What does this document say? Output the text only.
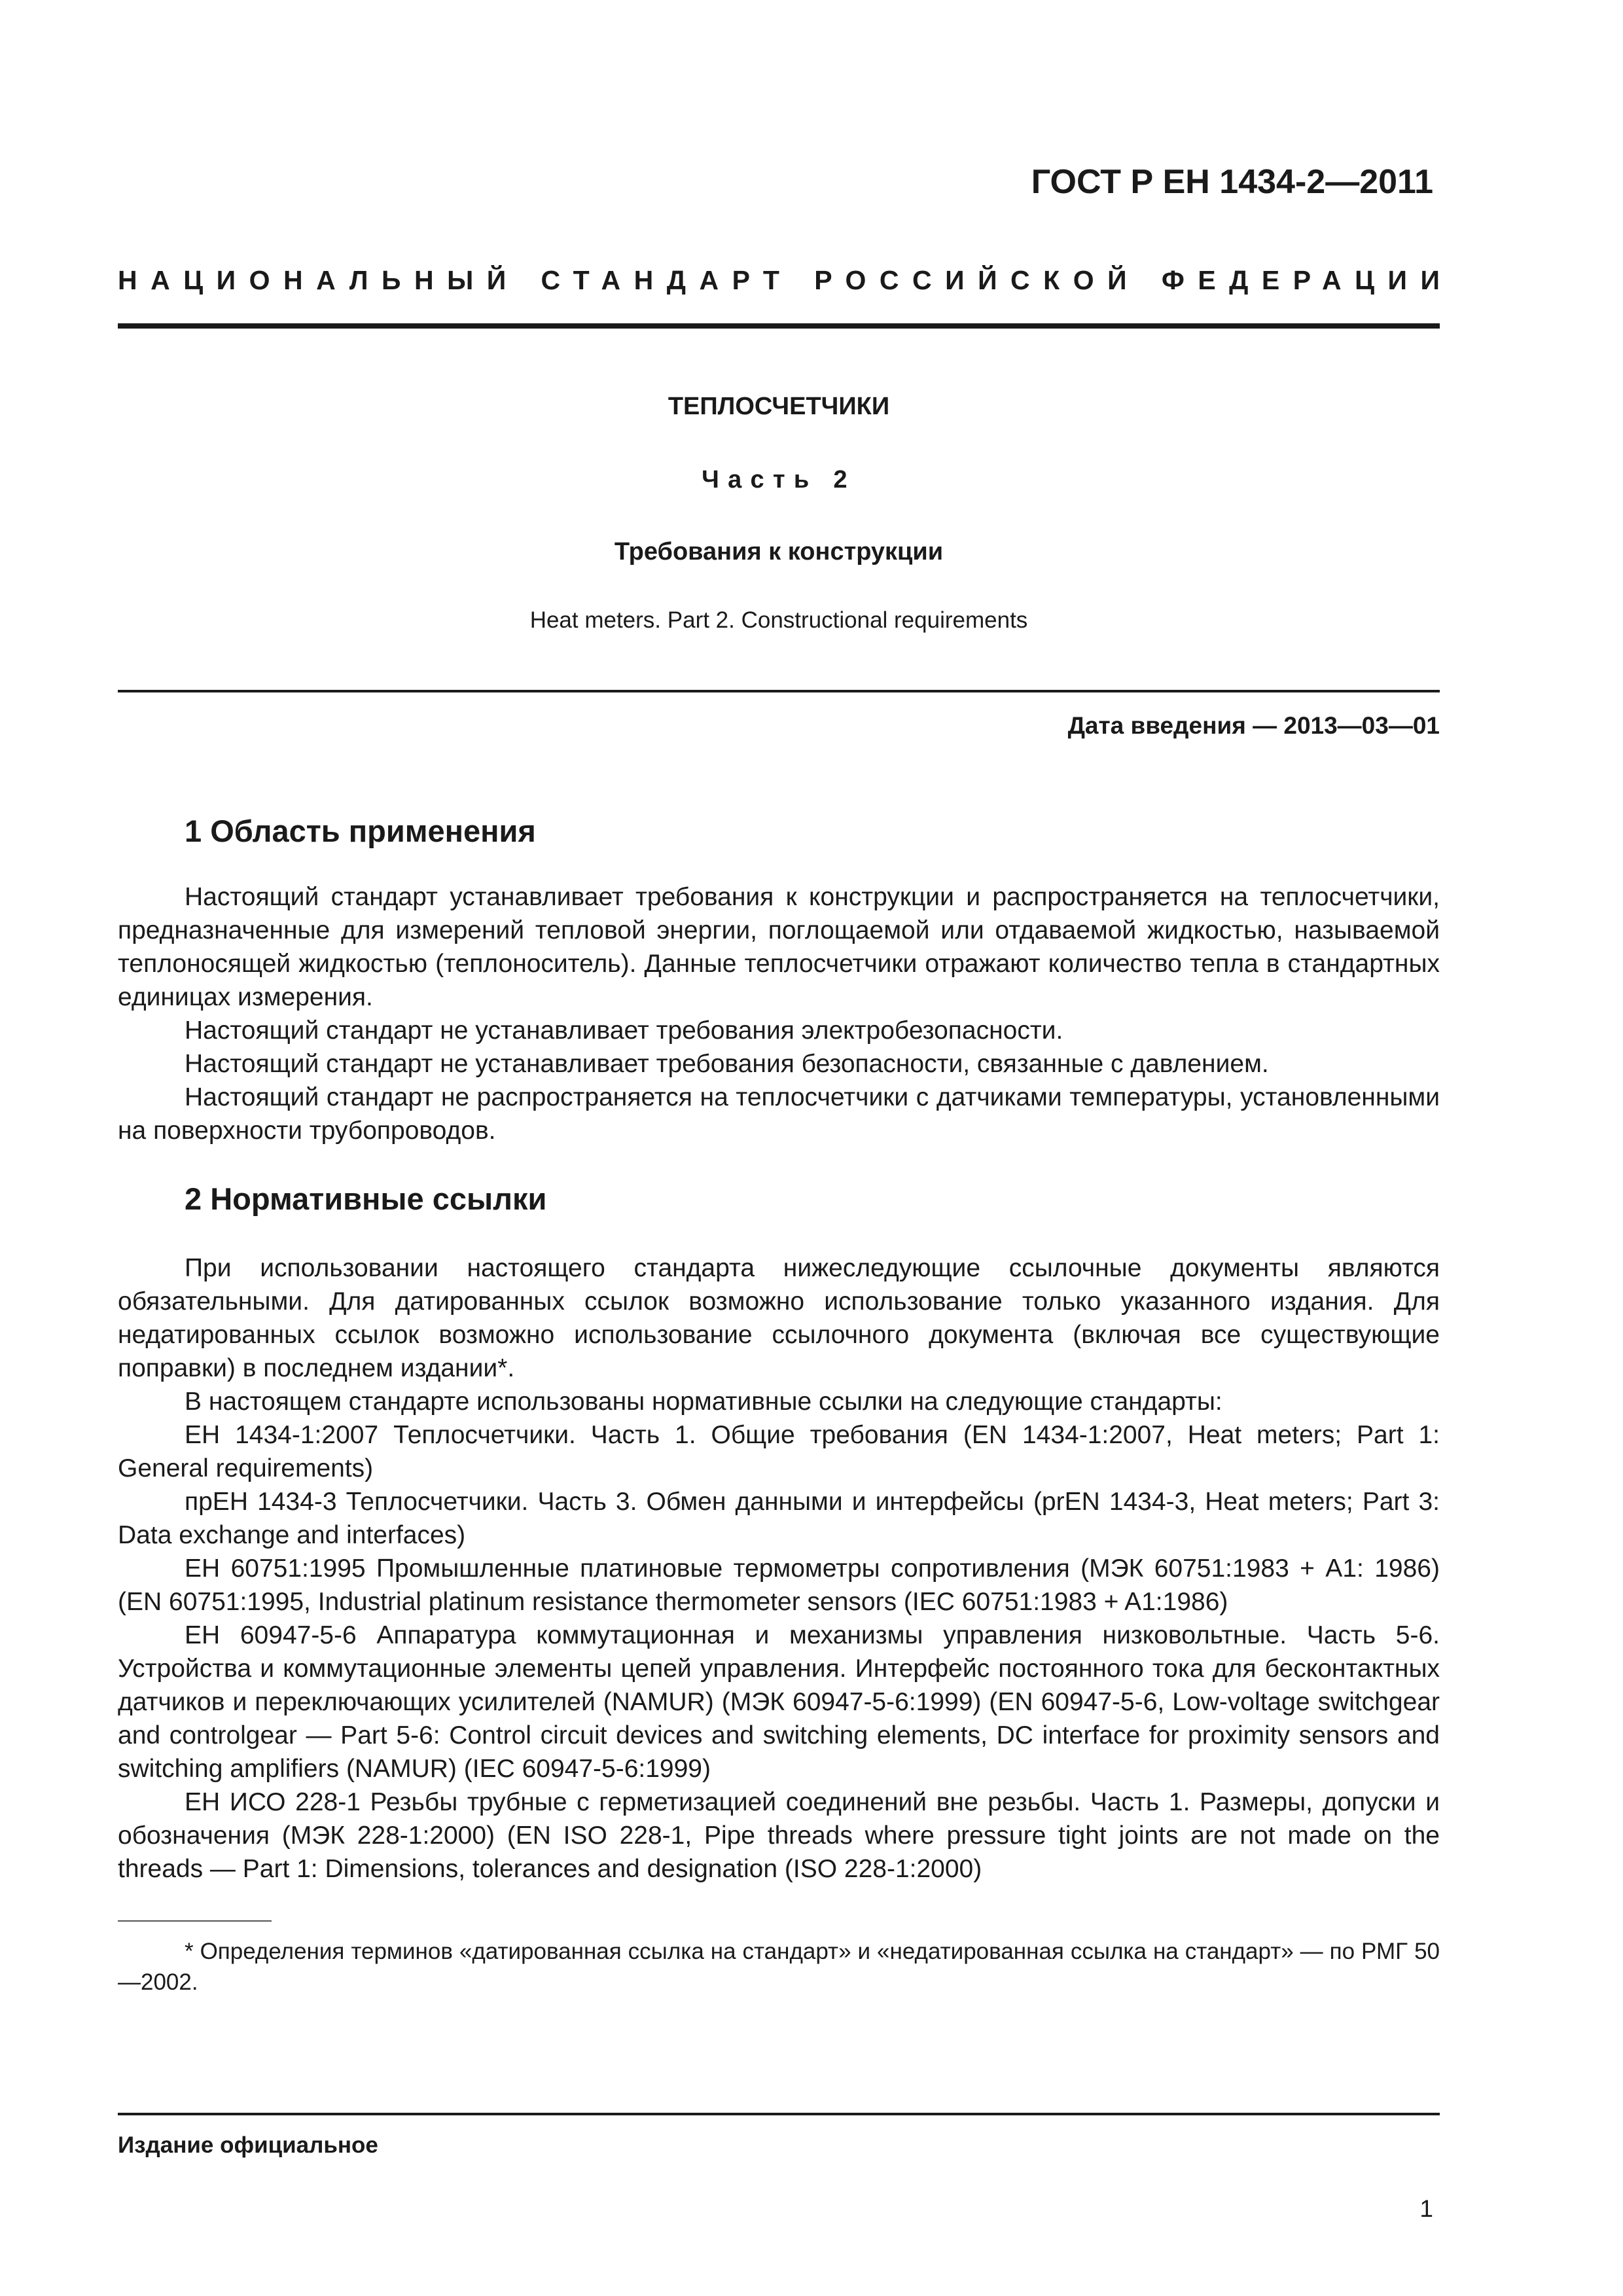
ГОСТ Р ЕН 1434-2—2011
НАЦИОНАЛЬНЫЙ СТАНДАРТ РОССИЙСКОЙ ФЕДЕРАЦИИ
ТЕПЛОСЧЕТЧИКИ
Часть 2
Требования к конструкции
Heat meters. Part 2. Constructional requirements
Дата введения — 2013—03—01
1 Область применения

Настоящий стандарт устанавливает требования к конструкции и распространяется на теплосчетчики, предназначенные для измерений тепловой энергии, поглощаемой или отдаваемой жидкостью, называемой теплоносящей жидкостью (теплоноситель). Данные теплосчетчики отражают количество тепла в стандартных единицах измерения.

Настоящий стандарт не устанавливает требования электробезопасности.

Настоящий стандарт не устанавливает требования безопасности, связанные с давлением.

Настоящий стандарт не распространяется на теплосчетчики с датчиками температуры, установленными на поверхности трубопроводов.

2 Нормативные ссылки

При использовании настоящего стандарта нижеследующие ссылочные документы являются обязательными. Для датированных ссылок возможно использование только указанного издания. Для недатированных ссылок возможно использование ссылочного документа (включая все существующие поправки) в последнем издании*.

В настоящем стандарте использованы нормативные ссылки на следующие стандарты:

ЕН 1434-1:2007 Теплосчетчики. Часть 1. Общие требования (EN 1434-1:2007, Heat meters; Part 1: General requirements)

прЕН 1434-3 Теплосчетчики. Часть 3. Обмен данными и интерфейсы (prEN 1434-3, Heat meters; Part 3: Data exchange and interfaces)

ЕН 60751:1995 Промышленные платиновые термометры сопротивления (МЭК 60751:1983 + А1: 1986) (EN 60751:1995, Industrial platinum resistance thermometer sensors (IEC 60751:1983 + A1:1986)

ЕН 60947-5-6 Аппаратура коммутационная и механизмы управления низковольтные. Часть 5-6. Устройства и коммутационные элементы цепей управления. Интерфейс постоянного тока для бесконтактных датчиков и переключающих усилителей (NAMUR) (МЭК 60947-5-6:1999) (EN 60947-5-6, Low-voltage switchgear and controlgear — Part 5-6: Control circuit devices and switching elements, DC interface for proximity sensors and switching amplifiers (NAMUR) (IEC 60947-5-6:1999)

ЕН ИСО 228-1 Резьбы трубные с герметизацией соединений вне резьбы. Часть 1. Размеры, допуски и обозначения (МЭК 228-1:2000) (EN ISO 228-1, Pipe threads where pressure tight joints are not made on the threads — Part 1: Dimensions, tolerances and designation (ISO 228-1:2000)

* Определения терминов «датированная ссылка на стандарт» и «недатированная ссылка на стандарт» — по РМГ 50—2002.

Издание официальное
1
